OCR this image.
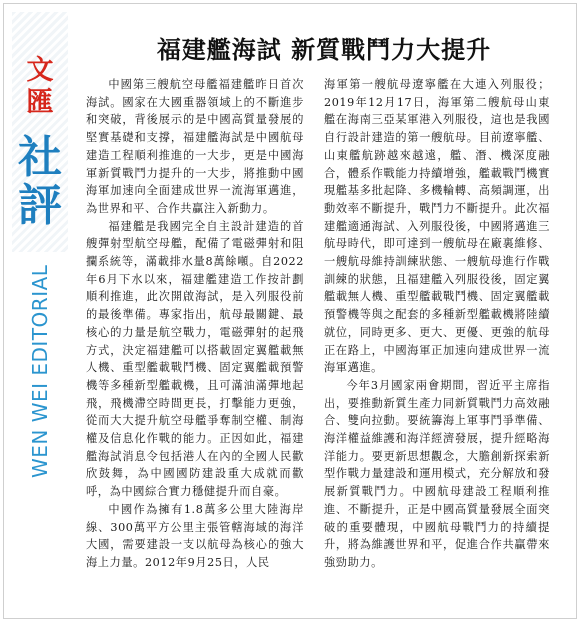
文
匯
社
評
WEN WEI EDITORIAL
福建艦海試 新質戰鬥力大提升

中國第三艘航空母艦福建艦昨日首次海試。國家在大國重器領域上的不斷進步和突破，背後展示的是中國高質量發展的堅實基礎和支撐，福建艦海試是中國航母建造工程順利推進的一大步，更是中國海軍新質戰鬥力提升的一大步，將推動中國海軍加速向全面建成世界一流海軍邁進，為世界和平、合作共贏注入新動力。

福建艦是我國完全自主設計建造的首艘彈射型航空母艦，配備了電磁彈射和阻攔系統等，滿載排水量8萬餘噸。自2022年6月下水以來，福建艦建造工作按計劃順利推進，此次開啟海試，是入列服役前的最後準備。專家指出，航母最關鍵、最核心的力量是航空戰力，電磁彈射的起飛方式，決定福建艦可以搭載固定翼艦載無人機、重型艦載戰鬥機、固定翼艦載預警機等多種新型艦載機，且可滿油滿彈地起飛，飛機滯空時間更長，打擊能力更強，從而大大提升航空母艦爭奪制空權、制海權及信息化作戰的能力。正因如此，福建艦海試消息令包括港人在內的全國人民歡欣鼓舞，為中國國防建設重大成就而歡呼，為中國綜合實力穩健提升而自豪。

中國作為擁有1.8萬多公里大陸海岸線、300萬平方公里主張管轄海域的海洋大國，需要建設一支以航母為核心的強大海上力量。2012年9月25日，人民

海軍第一艘航母遼寧艦在大連入列服役；2019年12月17日，海軍第二艘航母山東艦在海南三亞某軍港入列服役，這也是我國自行設計建造的第一艘航母。目前遼寧艦、山東艦航跡越來越遠，艦、潛、機深度融合，體系作戰能力持續增強，艦載戰鬥機實現艦基多批起降、多機輪轉、高頻調運，出動效率不斷提升，戰鬥力不斷提升。此次福建艦適通海試、入列服役後，中國將邁進三航母時代，即可達到一艘航母在廠裏維修、一艘航母維持訓練狀態、一艘航母進行作戰訓練的狀態，且福建艦入列服役後，固定翼艦載無人機、重型艦載戰鬥機、固定翼艦載預警機等與之配套的多種新型艦載機將陸續就位，同時更多、更大、更優、更強的航母正在路上，中國海軍正加速向建成世界一流海軍邁進。

今年3月國家兩會期間，習近平主席指出，要推動新質生產力同新質戰鬥力高效融合、雙向拉動。要統籌海上軍事鬥爭準備、海洋權益維護和海洋經濟發展，提升經略海洋能力。要更新思想觀念，大膽創新探索新型作戰力量建設和運用模式，充分解放和發展新質戰鬥力。中國航母建設工程順利推進、不斷提升，正是中國高質量發展全面突破的重要體現，中國航母戰鬥力的持續提升，將為維護世界和平，促進合作共贏帶來強勁助力。
